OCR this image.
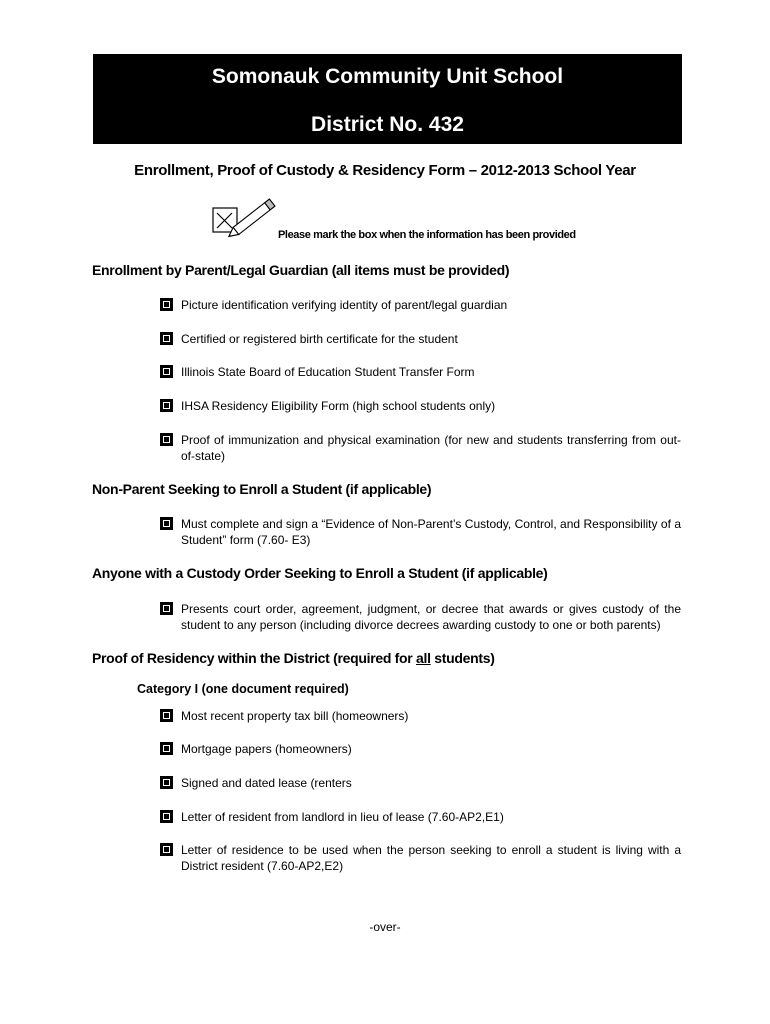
Somonauk Community Unit School
District No. 432
Enrollment, Proof of Custody & Residency Form – 2012-2013 School Year
Please mark the box when the information has been provided
Enrollment by Parent/Legal Guardian (all items must be provided)
Picture identification verifying identity of parent/legal guardian
Certified or registered birth certificate for the student
Illinois State Board of Education Student Transfer Form
IHSA Residency Eligibility Form (high school students only)
Proof of immunization and physical examination (for new and students transferring from out-of-state)
Non-Parent Seeking to Enroll a Student (if applicable)
Must complete and sign a “Evidence of Non-Parent’s Custody, Control, and Responsibility of a Student” form (7.60- E3)
Anyone with a Custody Order Seeking to Enroll a Student (if applicable)
Presents court order, agreement, judgment, or decree that awards or gives custody of the student to any person (including divorce decrees awarding custody to one or both parents)
Proof of Residency within the District (required for all students)
Category I (one document required)
Most recent property tax bill (homeowners)
Mortgage papers (homeowners)
Signed and dated lease (renters
Letter of resident from landlord in lieu of lease (7.60-AP2,E1)
Letter of residence to be used when the person seeking to enroll a student is living with a District resident (7.60-AP2,E2)
-over-
